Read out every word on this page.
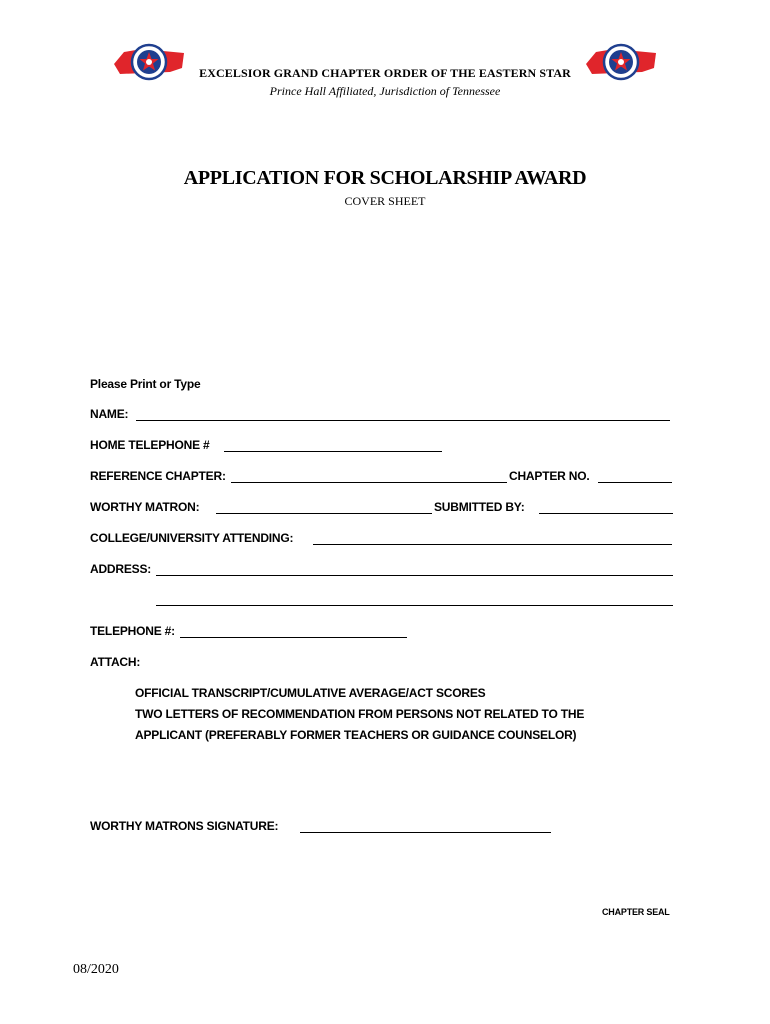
EXCELSIOR GRAND CHAPTER ORDER OF THE EASTERN STAR
Prince Hall Affiliated, Jurisdiction of Tennessee
APPLICATION FOR SCHOLARSHIP AWARD
COVER SHEET
Please Print or Type
NAME:
HOME TELEPHONE #
REFERENCE CHAPTER:	CHAPTER NO.
WORTHY MATRON:	SUBMITTED BY:
COLLEGE/UNIVERSITY ATTENDING:
ADDRESS:
TELEPHONE #:
ATTACH:
OFFICIAL TRANSCRIPT/CUMULATIVE AVERAGE/ACT SCORES
TWO LETTERS OF RECOMMENDATION FROM PERSONS NOT RELATED TO THE
APPLICANT (PREFERABLY FORMER TEACHERS OR GUIDANCE COUNSELOR)
WORTHY MATRONS SIGNATURE:
CHAPTER SEAL
08/2020
